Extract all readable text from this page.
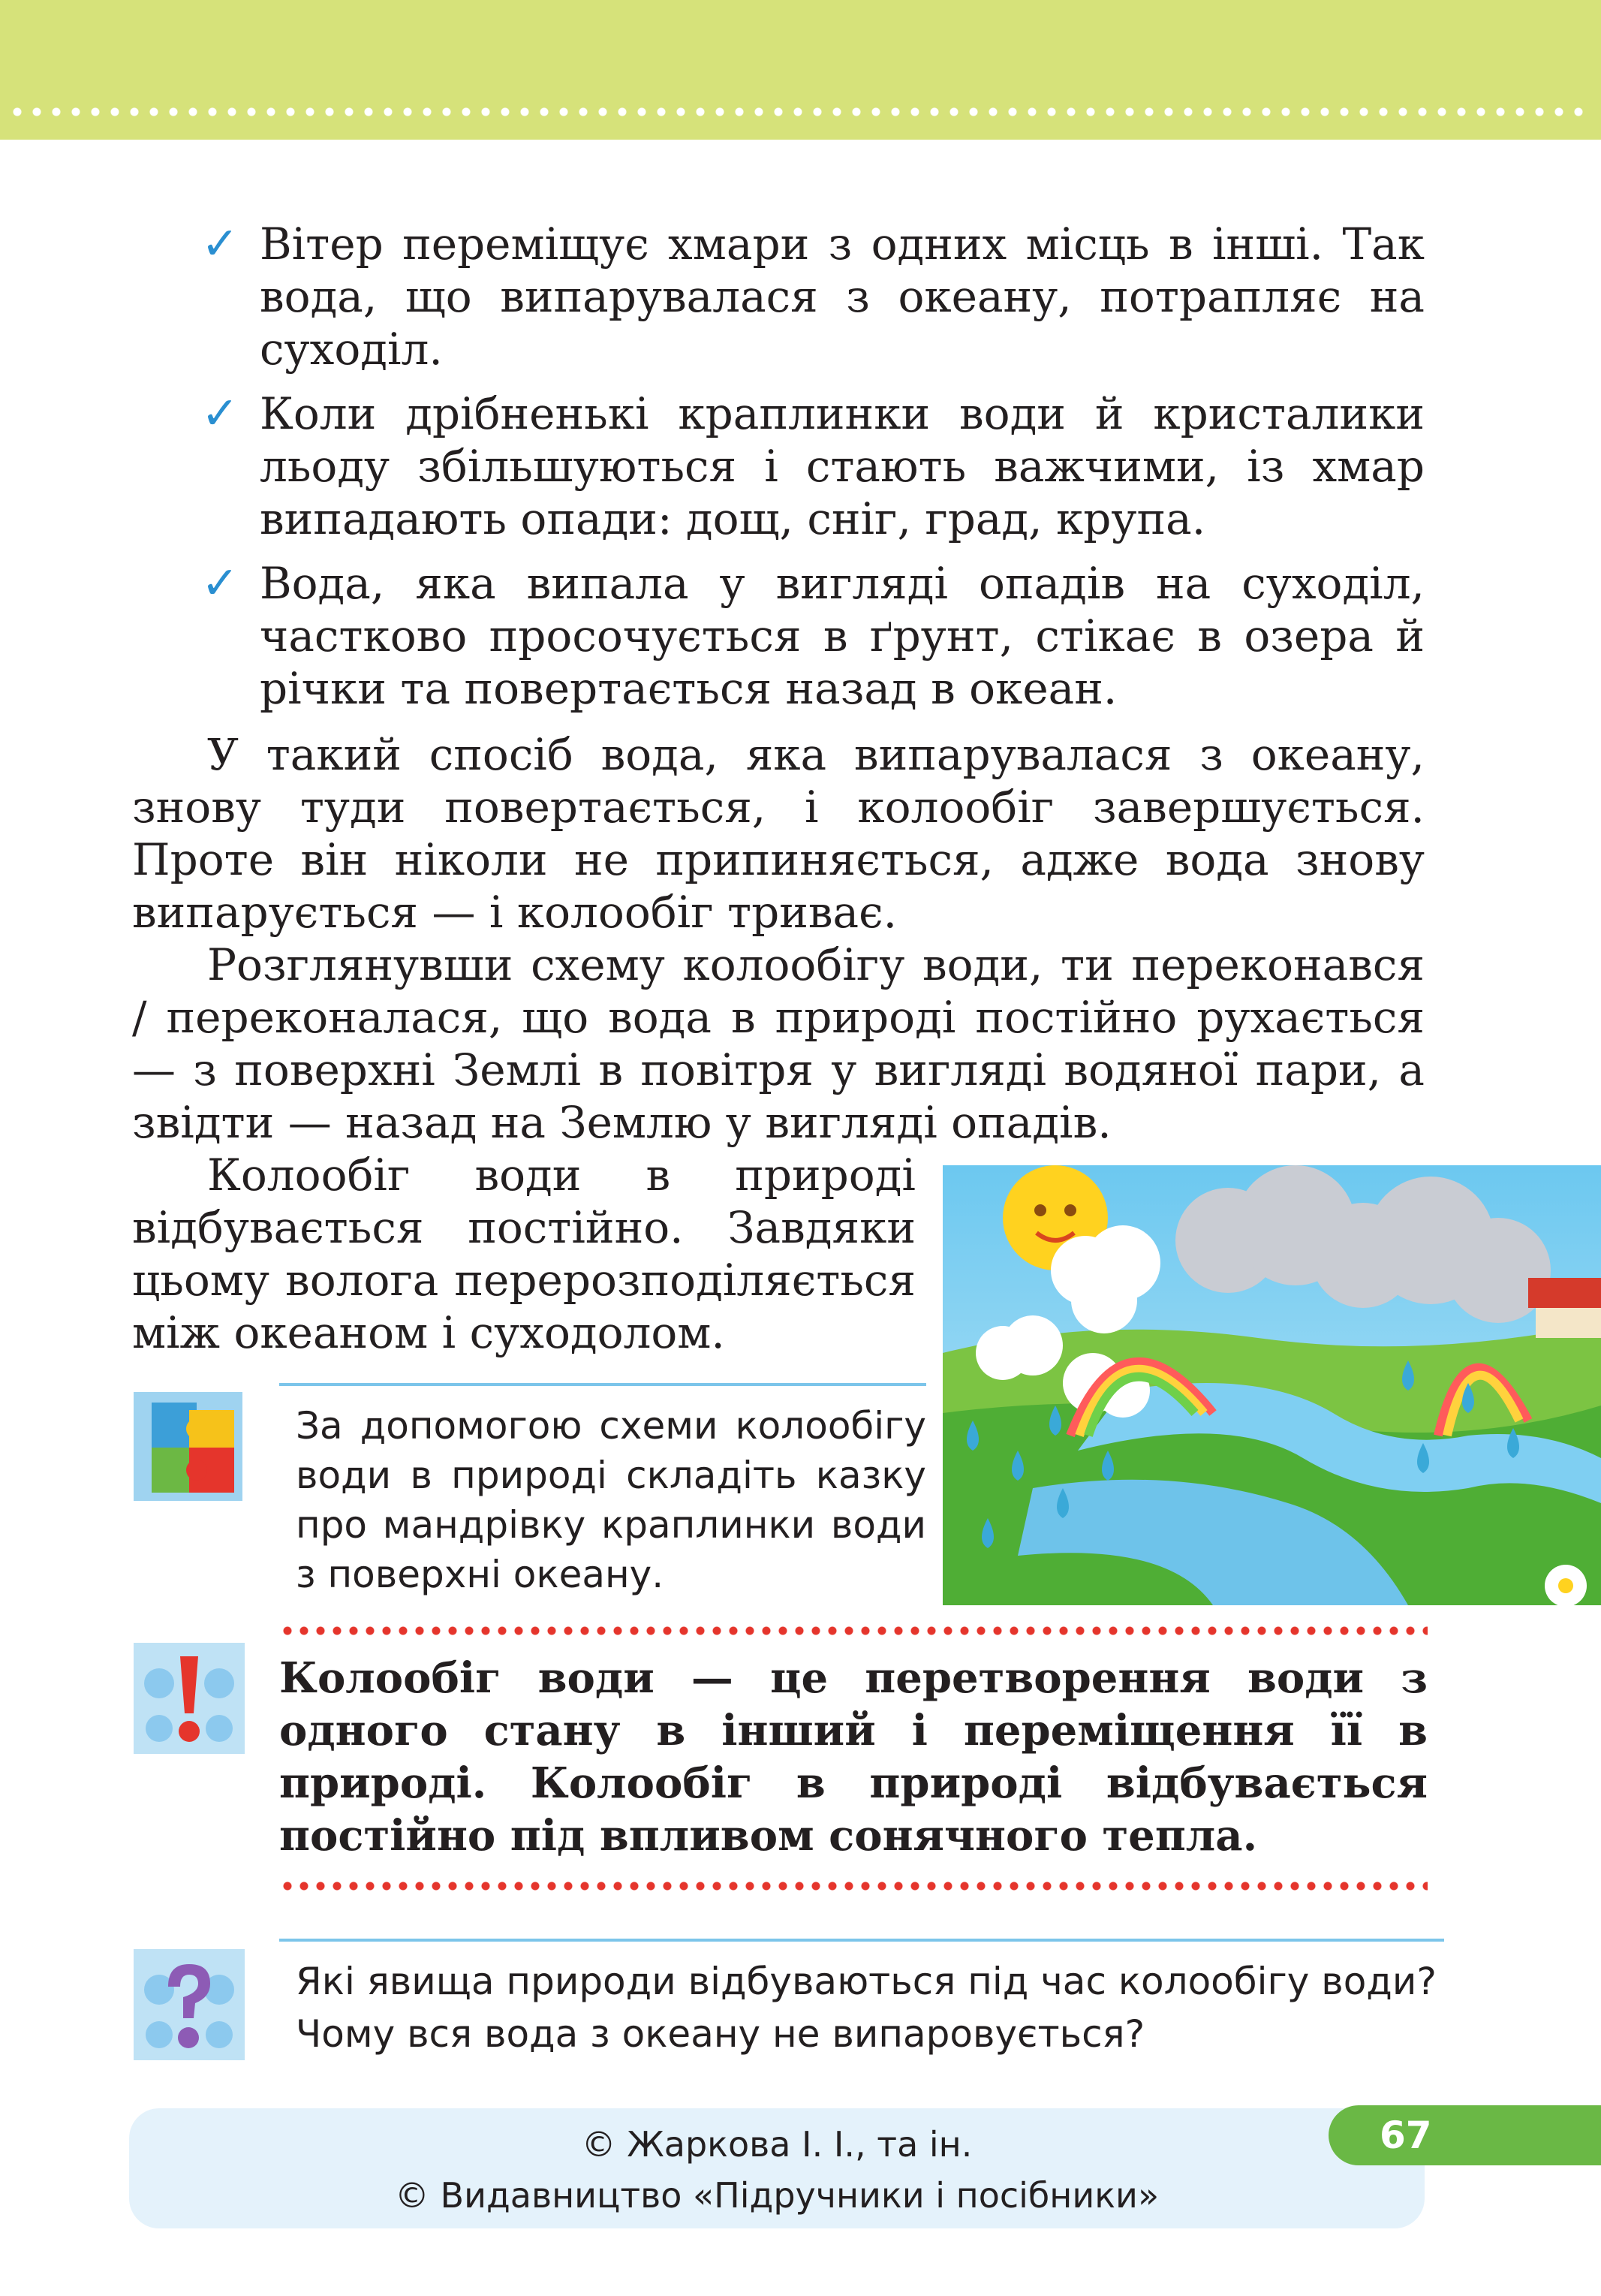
✓ Вітер переміщує хмари з одних місць в інші. Так вода, що випарувалася з океану, потрапляє на суходіл.
✓ Коли дрібненькі краплинки води й кристалики льоду збільшуються і стають важчими, із хмар випадають опади: дощ, сніг, град, крупа.
✓ Вода, яка випала у вигляді опадів на суходіл, частково просочується в ґрунт, стікає в озера й річки та повертається назад в океан.
У такий спосіб вода, яка випарувалася з океану, знову туди повертається, і колообіг завершується. Проте він ніколи не припиняється, адже вода знову випарується — і колообіг триває.
Розглянувши схему колообігу води, ти переконався / переконалася, що вода в природі постійно рухається — з поверхні Землі в повітря у вигляді водяної пари, а звідти — назад на Землю у вигляді опадів.
Колообіг води в природі відбувається постійно. Завдяки цьому волога перерозподіляється між океаном і суходолом.
За допомогою схеми колообігу води в природі складіть казку про мандрівку краплинки води з поверхні океану.
Колообіг води — це перетворення води з одного стану в інший і переміщення її в природі. Колообіг в природі відбувається постійно під впливом сонячного тепла.
Які явища природи відбуваються під час колообігу води?
Чому вся вода з океану не випаровується?
© Жаркова І. І., та ін.
© Видавництво «Підручники і посібники»
67
